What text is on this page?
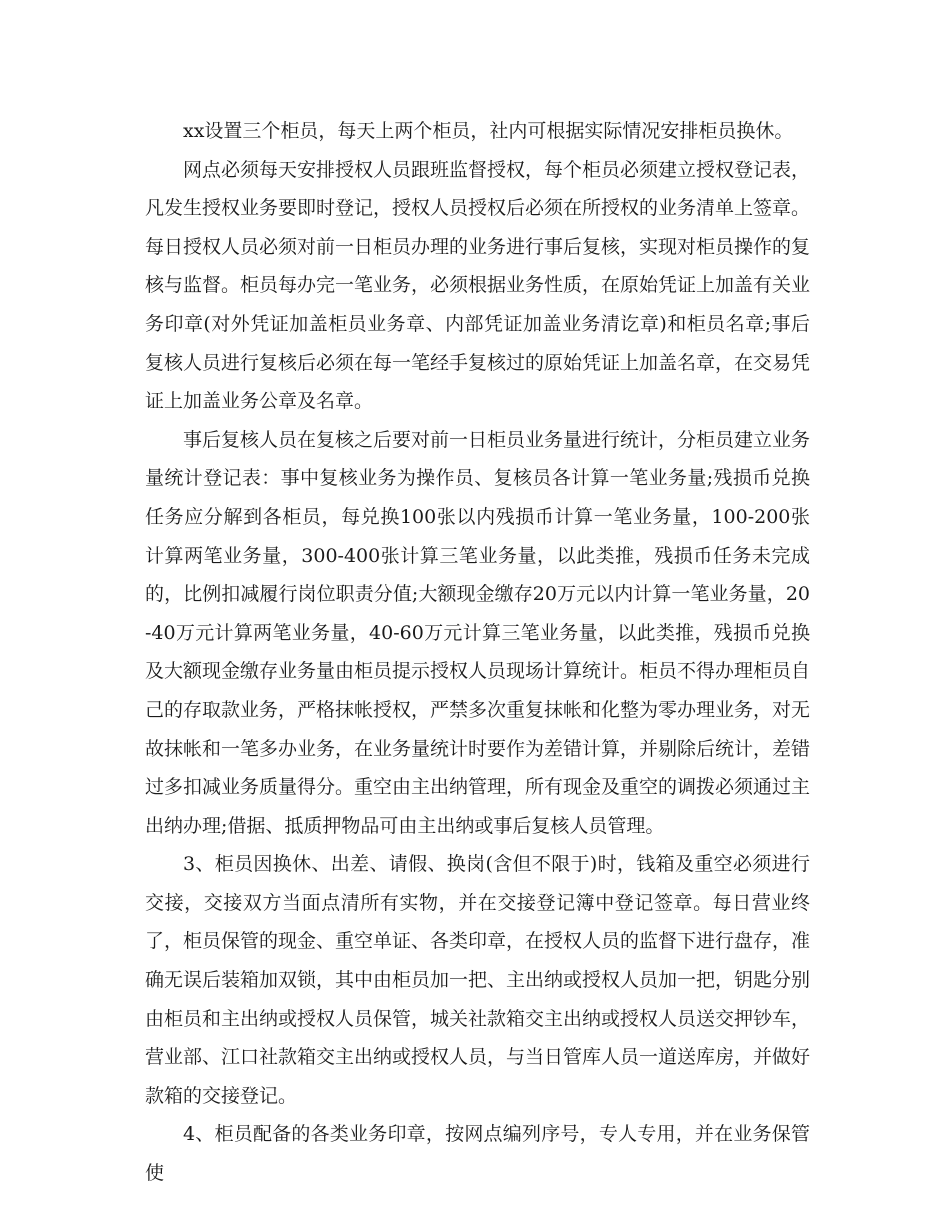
xx设置三个柜员，每天上两个柜员，社内可根据实际情况安排柜员换休。

网点必须每天安排授权人员跟班监督授权，每个柜员必须建立授权登记表，凡发生授权业务要即时登记，授权人员授权后必须在所授权的业务清单上签章。每日授权人员必须对前一日柜员办理的业务进行事后复核，实现对柜员操作的复核与监督。柜员每办完一笔业务，必须根据业务性质，在原始凭证上加盖有关业务印章(对外凭证加盖柜员业务章、内部凭证加盖业务清讫章)和柜员名章;事后复核人员进行复核后必须在每一笔经手复核过的原始凭证上加盖名章，在交易凭证上加盖业务公章及名章。

事后复核人员在复核之后要对前一日柜员业务量进行统计，分柜员建立业务量统计登记表：事中复核业务为操作员、复核员各计算一笔业务量;残损币兑换任务应分解到各柜员，每兑换100张以内残损币计算一笔业务量，100-200张计算两笔业务量，300-400张计算三笔业务量，以此类推，残损币任务未完成的，比例扣减履行岗位职责分值;大额现金缴存20万元以内计算一笔业务量，20-40万元计算两笔业务量，40-60万元计算三笔业务量，以此类推，残损币兑换及大额现金缴存业务量由柜员提示授权人员现场计算统计。柜员不得办理柜员自己的存取款业务，严格抹帐授权，严禁多次重复抹帐和化整为零办理业务，对无故抹帐和一笔多办业务，在业务量统计时要作为差错计算，并剔除后统计，差错过多扣减业务质量得分。重空由主出纳管理，所有现金及重空的调拨必须通过主出纳办理;借据、抵质押物品可由主出纳或事后复核人员管理。

3、柜员因换休、出差、请假、换岗(含但不限于)时，钱箱及重空必须进行交接，交接双方当面点清所有实物，并在交接登记簿中登记签章。每日营业终了，柜员保管的现金、重空单证、各类印章，在授权人员的监督下进行盘存，准确无误后装箱加双锁，其中由柜员加一把、主出纳或授权人员加一把，钥匙分别由柜员和主出纳或授权人员保管，城关社款箱交主出纳或授权人员送交押钞车，营业部、江口社款箱交主出纳或授权人员，与当日管库人员一道送库房，并做好款箱的交接登记。

4、柜员配备的各类业务印章，按网点编列序号，专人专用，并在业务保管使
